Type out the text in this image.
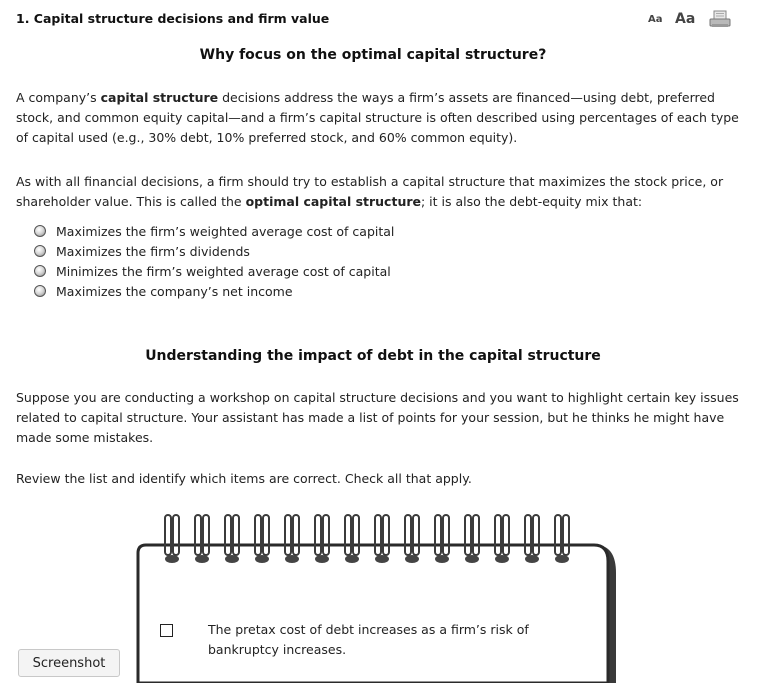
1. Capital structure decisions and firm value	Aa Aa
Why focus on the optimal capital structure?
A company’s capital structure decisions address the ways a firm’s assets are financed—using debt, preferred stock, and common equity capital—and a firm’s capital structure is often described using percentages of each type of capital used (e.g., 30% debt, 10% preferred stock, and 60% common equity).
As with all financial decisions, a firm should try to establish a capital structure that maximizes the stock price, or shareholder value. This is called the optimal capital structure; it is also the debt-equity mix that:
Maximizes the firm’s weighted average cost of capital
Maximizes the firm’s dividends
Minimizes the firm’s weighted average cost of capital
Maximizes the company’s net income
Understanding the impact of debt in the capital structure
Suppose you are conducting a workshop on capital structure decisions and you want to highlight certain key issues related to capital structure. Your assistant has made a list of points for your session, but he thinks he might have made some mistakes.
Review the list and identify which items are correct. Check all that apply.
The pretax cost of debt increases as a firm’s risk of bankruptcy increases.
Screenshot
